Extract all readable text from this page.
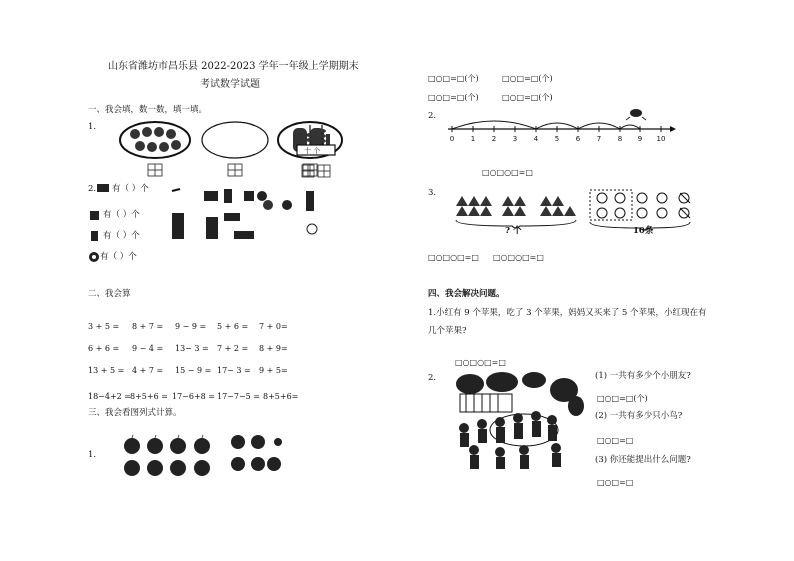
山东省潍坊市昌乐县 2022-2023 学年一年级上学期期末
考试数学试题
一、我会填，数一数，填一填。
1.
十 个
2. 有（ ）个
有（ ）个
有（ ）个
有（ ）个
二、我会算
3 + 5 = 8 + 7 = 9 − 9 = 5 + 6 = 7 + 0=
6 + 6 = 9 − 4 = 13− 3 = 7 + 2 = 8 + 9=
13 + 5 = 4 + 7 = 15 − 9 = 17− 3 = 9 + 5=
18−4+2 =
8+5+6 = 17−6+8 = 17−7−5 = 8+5+6=
三、我会看图列式计算。
1.
□○□=□(个)	□○□=□(个)
□○□=□(个)	□○□=□(个)
2.
0 1 2 3 4 5 6 7 8 9 10
□○□○□=□
3.
? 个	10条
□○□○□=□ □○□○□=□
四、我会解决问题。
1.小红有 9 个苹果，吃了 3 个苹果，妈妈又买来了 5 个苹果，小红现在有
几个苹果?
□○□○□=□
2.	(1) 一共有多少个小朋友?
□○□=□(个)
(2) 一共有多少只小鸟?
□○□=□
(3) 你还能提出什么问题?
□○□=□
